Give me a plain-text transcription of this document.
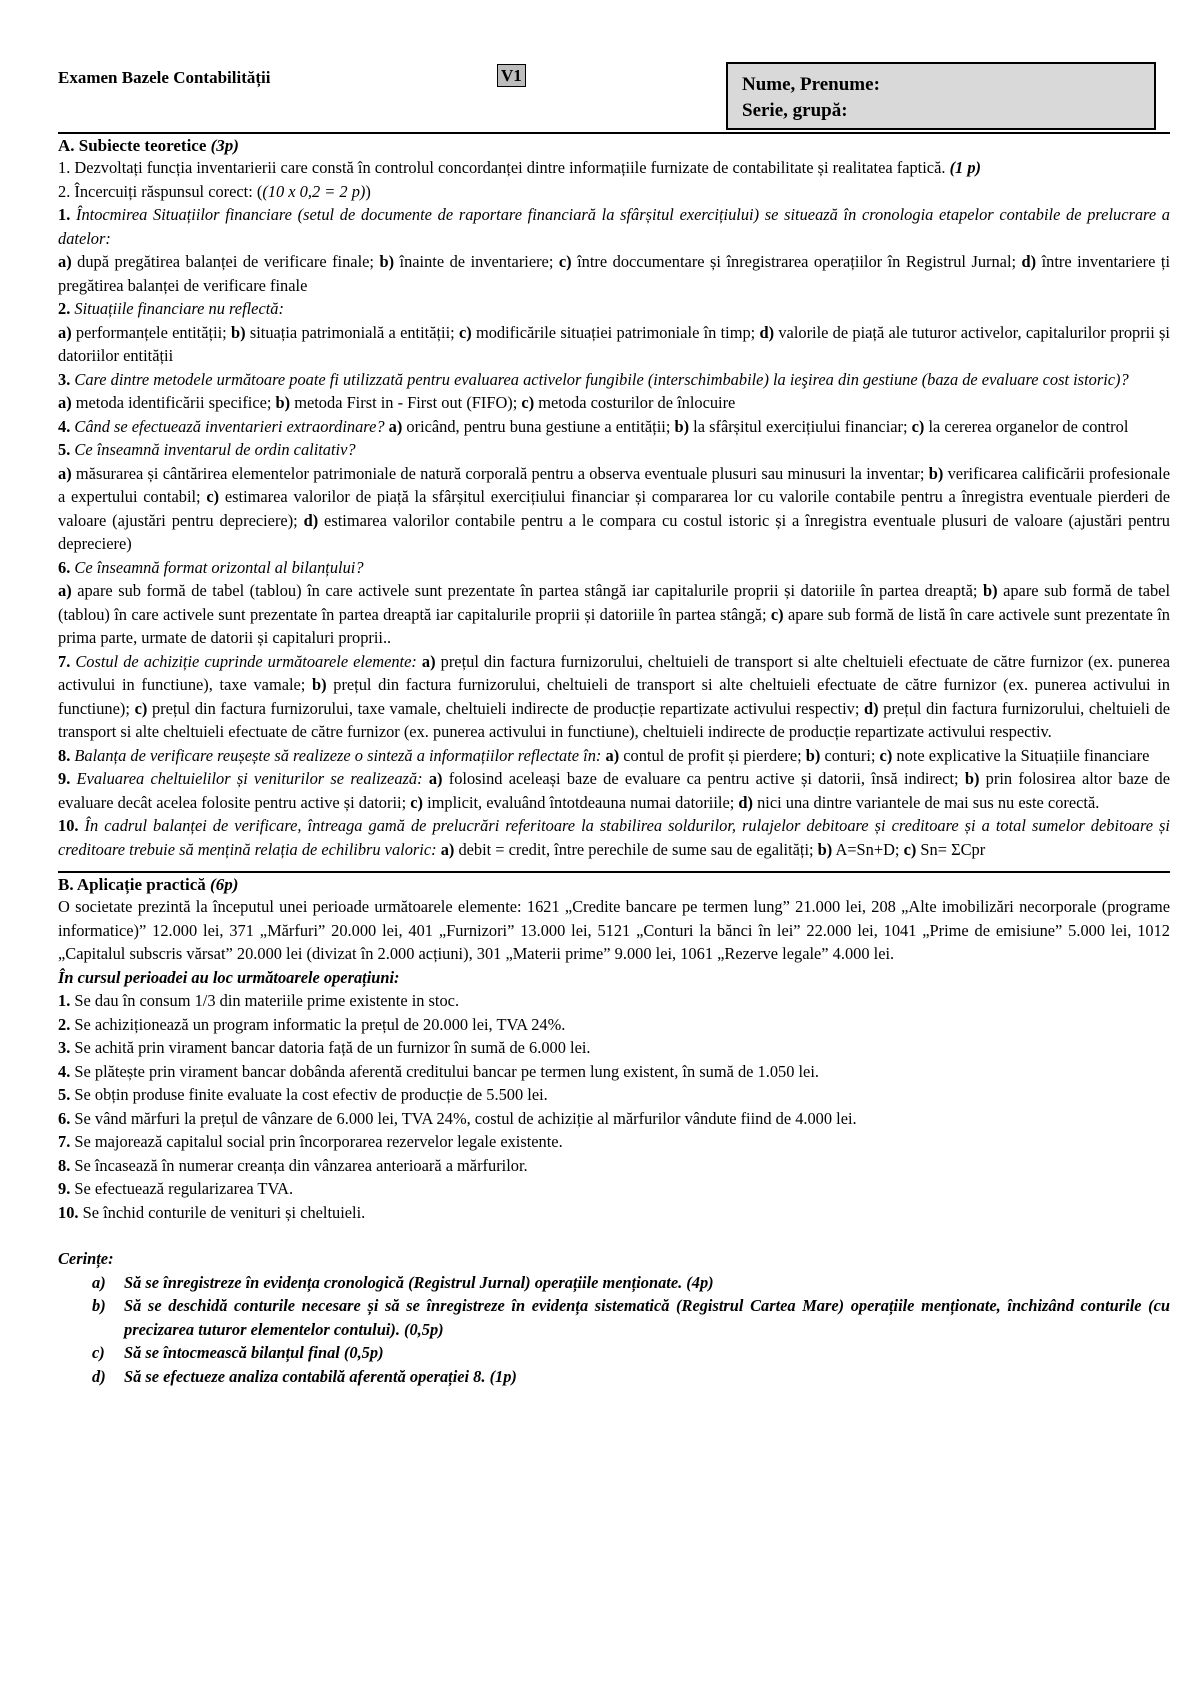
Examen Bazele Contabilității	V1	Nume, Prenume:
Serie, grupă:
A. Subiecte teoretice (3p)

1. Dezvoltați funcția inventarierii care constă în controlul concordanței dintre informațiile furnizate de contabilitate și realitatea faptică. (1 p)

2. Încercuiți răspunsul corect: ((10 x 0,2 = 2 p))

1. Întocmirea Situațiilor financiare (setul de documente de raportare financiară la sfârșitul exercițiului) se situează în cronologia etapelor contabile de prelucrare a datelor:

a) după pregătirea balanței de verificare finale; b) înainte de inventariere; c) între doccumentare și înregistrarea operațiilor în Registrul Jurnal; d) între inventariere ți pregătirea balanței de verificare finale

2. Situațiile financiare nu reflectă:

a) performanțele entității; b) situația patrimonială a entității; c) modificările situației patrimoniale în timp; d) valorile de piață ale tuturor activelor, capitalurilor proprii și datoriilor entității

3. Care dintre metodele următoare poate fi utilizzată pentru evaluarea activelor fungibile (interschimbabile) la ieşirea din gestiune (baza de evaluare cost istoric)?

a) metoda identificării specifice; b) metoda First in - First out (FIFO); c) metoda costurilor de înlocuire

4. Când se efectuează inventarieri extraordinare? a) oricând, pentru buna gestiune a entității; b) la sfârșitul exercițiului financiar; c) la cererea organelor de control

5. Ce înseamnă inventarul de ordin calitativ?

a) măsurarea și cântărirea elementelor patrimoniale de natură corporală pentru a observa eventuale plusuri sau minusuri la inventar; b) verificarea calificării profesionale a expertului contabil; c) estimarea valorilor de piață la sfârșitul exercițiului financiar și compararea lor cu valorile contabile pentru a înregistra eventuale pierderi de valoare (ajustări pentru depreciere); d) estimarea valorilor contabile pentru a le compara cu costul istoric și a înregistra eventuale plusuri de valoare (ajustări pentru depreciere)

6. Ce înseamnă format orizontal al bilanțului?

a) apare sub formă de tabel (tablou) în care activele sunt prezentate în partea stângă iar capitalurile proprii și datoriile în partea dreaptă; b) apare sub formă de tabel (tablou) în care activele sunt prezentate în partea dreaptă iar capitalurile proprii și datoriile în partea stângă; c) apare sub formă de listă în care activele sunt prezentate în prima parte, urmate de datorii și capitaluri proprii..

7. Costul de achiziție cuprinde următoarele elemente: a) prețul din factura furnizorului, cheltuieli de transport si alte cheltuieli efectuate de către furnizor (ex. punerea activului in functiune), taxe vamale; b) prețul din factura furnizorului, cheltuieli de transport si alte cheltuieli efectuate de către furnizor (ex. punerea activului in functiune); c) prețul din factura furnizorului, taxe vamale, cheltuieli indirecte de producție repartizate activului respectiv; d) prețul din factura furnizorului, cheltuieli de transport si alte cheltuieli efectuate de către furnizor (ex. punerea activului in functiune), cheltuieli indirecte de producție repartizate activului respectiv.

8. Balanța de verificare reușește să realizeze o sinteză a informațiilor reflectate în: a) contul de profit și pierdere; b) conturi; c) note explicative la Situațiile financiare

9. Evaluarea cheltuielilor și veniturilor se realizează: a) folosind aceleași baze de evaluare ca pentru active și datorii, însă indirect; b) prin folosirea altor baze de evaluare decât acelea folosite pentru active și datorii; c) implicit, evaluând întotdeauna numai datoriile; d) nici una dintre variantele de mai sus nu este corectă.

10. În cadrul balanței de verificare, întreaga gamă de prelucrări referitoare la stabilirea soldurilor, rulajelor debitoare și creditoare și a total sumelor debitoare și creditoare trebuie să mențină relația de echilibru valoric: a) debit = credit, între perechile de sume sau de egalități; b) A=Sn+D; c) Sn= ΣCpr

B. Aplicație practică (6p)

O societate prezintă la începutul unei perioade următoarele elemente: 1621 „Credite bancare pe termen lung” 21.000 lei, 208 „Alte imobilizări necorporale (programe informatice)” 12.000 lei, 371 „Mărfuri” 20.000 lei, 401 „Furnizori” 13.000 lei, 5121 „Conturi la bănci în lei” 22.000 lei, 1041 „Prime de emisiune” 5.000 lei, 1012 „Capitalul subscris vărsat” 20.000 lei (divizat în 2.000 acțiuni), 301 „Materii prime” 9.000 lei, 1061 „Rezerve legale” 4.000 lei.

În cursul perioadei au loc următoarele operațiuni:

1. Se dau în consum 1/3 din materiile prime existente in stoc.

2. Se achiziționează un program informatic la prețul de 20.000 lei, TVA 24%.

3. Se achită prin virament bancar datoria față de un furnizor în sumă de 6.000 lei.

4. Se plătește prin virament bancar dobânda aferentă creditului bancar pe termen lung existent, în sumă de 1.050 lei.

5. Se obțin produse finite evaluate la cost efectiv de producție de 5.500 lei.

6. Se vând mărfuri la prețul de vânzare de 6.000 lei, TVA 24%, costul de achiziție al mărfurilor vândute fiind de 4.000 lei.

7. Se majorează capitalul social prin încorporarea rezervelor legale existente.

8. Se încasează în numerar creanța din vânzarea anterioară a mărfurilor.

9. Se efectuează regularizarea TVA.

10. Se închid conturile de venituri și cheltuieli.

Cerințe:

a) Să se înregistreze în evidența cronologică (Registrul Jurnal) operațiile menționate. (4p)
b) Să se deschidă conturile necesare și să se înregistreze în evidența sistematică (Registrul Cartea Mare) operațiile menționate, închizând conturile (cu precizarea tuturor elementelor contului). (0,5p)
c) Să se întocmească bilanțul final (0,5p)
d) Să se efectueze analiza contabilă aferentă operației 8. (1p)
